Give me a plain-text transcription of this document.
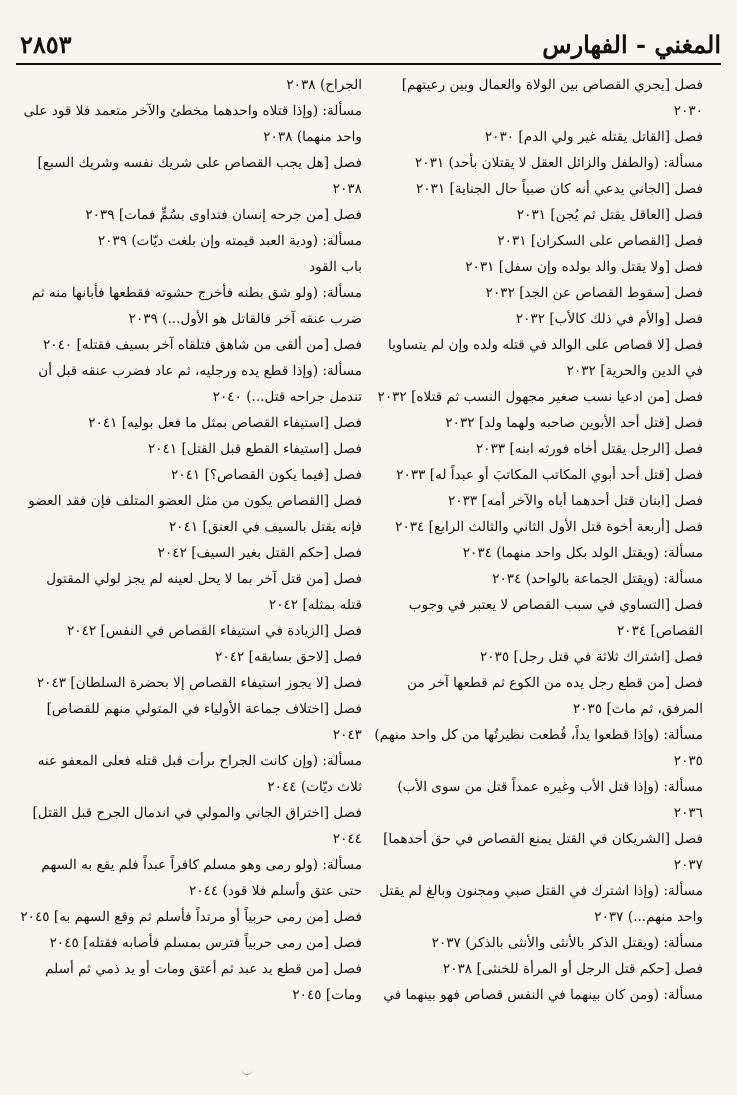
٢٨٥٣	المغني - الفهارس

فصل [يجري القصاص بين الولاة والعمال وبين رعيتهم] ٢٠٣٠

فصل [القاتل يقتله غير ولي الدم] ٢٠٣٠

مسألة: (والطفل والزائل العقل لا يقتلان بأحد) ٢٠٣١

فصل [الجاني يدعي أنه كان صبياً حال الجناية] ٢٠٣١

فصل [العاقل يقتل ثم يُجن] ٢٠٣١

فصل [القصاص على السكران] ٢٠٣١

فصل [ولا يقتل والد بولده وإن سفل] ٢٠٣١

فصل [سقوط القصاص عن الجد] ٢٠٣٢

فصل [والأم في ذلك كالأب] ٢٠٣٢

فصل [لا قصاص على الوالد في قتله ولده وإن لم يتساويا في الدين والحرية] ٢٠٣٢

فصل [من ادعيا نسب صغير مجهول النسب ثم قتلاه] ٢٠٣٢

فصل [قتل أحد الأبوين صاحبه ولهما ولد] ٢٠٣٢

فصل [الرجل يقتل أخاه فورثه ابنه] ٢٠٣٣

فصل [قتل أحد أبوي المكاتب المكاتبَ أو عبداً له] ٢٠٣٣

فصل [ابنان قتل أحدهما أباه والآخر أمه] ٢٠٣٣

فصل [أربعة أخوة قتل الأول الثاني والثالث الرابع] ٢٠٣٤

مسألة: (ويقتل الولد بكل واحد منهما) ٢٠٣٤

مسألة: (ويقتل الجماعة بالواحد) ٢٠٣٤

فصل [التساوي في سبب القصاص لا يعتبر في وجوب القصاص] ٢٠٣٤

فصل [اشتراك ثلاثة في قتل رجل] ٢٠٣٥

فصل [من قطع رجل يده من الكوع ثم قطعها آخر من المرفق، ثم مات] ٢٠٣٥

مسألة: (وإذا قطعوا يداً، قُطعت نظيرتُها من كل واحد منهم) ٢٠٣٥

مسألة: (وإذا قتل الأب وغيره عمداً قتل من سوى الأب) ٢٠٣٦

فصل [الشريكان في القتل يمنع القصاص في حق أحدهما] ٢٠٣٧

مسألة: (وإذا اشترك في القتل صبي ومجنون وبالغ لم يقتل واحد منهم...) ٢٠٣٧

مسألة: (ويقتل الذكر بالأنثى والأنثى بالذكر) ٢٠٣٧

فصل [حكم قتل الرجل أو المرأة للخنثى] ٢٠٣٨

مسألة: (ومن كان بينهما في النفس قصاص فهو بينهما في

الجراح) ٢٠٣٨

مسألة: (وإذا قتلاه واحدهما مخطئ والآخر متعمد فلا قود على واحد منهما) ٢٠٣٨

فصل [هل يجب القصاص على شريك نفسه وشريك السبع] ٢٠٣٨

فصل [من جرحه إنسان فتداوى بسُمٍّ فمات] ٢٠٣٩

مسألة: (ودية العبد قيمته وإن بلغت ديّات) ٢٠٣٩

باب القود

مسألة: (ولو شق بطنه فأخرج حشوته فقطعها فأبانها منه ثم ضرب عنقه آخر فالقاتل هو الأول...) ٢٠٣٩

فصل [من ألقى من شاهق فتلقاه آخر بسيف فقتله] ٢٠٤٠

مسألة: (وإذا قطع يده ورجليه، ثم عاد فضرب عنقه قبل أن تندمل جراحه قتل...) ٢٠٤٠

فصل [استيفاء القصاص بمثل ما فعل بوليه] ٢٠٤١

فصل [استيفاء القطع قبل القتل] ٢٠٤١

فصل [فيما يكون القصاص؟] ٢٠٤١

فصل [القصاص يكون من مثل العضو المتلف فإن فقد العضو فإنه يقتل بالسيف في العنق] ٢٠٤١

فصل [حكم القتل بغير السيف] ٢٠٤٢

فصل [من قتل آخر بما لا يحل لعينه لم يجز لولي المقتول قتله بمثله] ٢٠٤٢

فصل [الزيادة في استيفاء القصاص في النفس] ٢٠٤٢

فصل [لاحق بسابقه] ٢٠٤٢

فصل [لا يجوز استيفاء القصاص إلا بحضرة السلطان] ٢٠٤٣

فصل [اختلاف جماعة الأولياء في المتولي منهم للقصاص] ٢٠٤٣

مسألة: (وإن كانت الجراح برأت قبل قتله فعلى المعفو عنه ثلاث ديّات) ٢٠٤٤

فصل [اختراق الجاني والمولي في اندمال الجرح قبل القتل] ٢٠٤٤

مسألة: (ولو رمى وهو مسلم كافراً عبداً فلم يقع به السهم حتى عتق وأسلم فلا قود) ٢٠٤٤

فصل [من رمى حربياً أو مرتداً فأسلم ثم وقع السهم به] ٢٠٤٥

فصل [من رمى حربياً فترس بمسلم فأصابه فقتله] ٢٠٤٥

فصل [من قطع يد عبد ثم أعتق ومات أو يد ذمي ثم أسلم ومات] ٢٠٤٥
